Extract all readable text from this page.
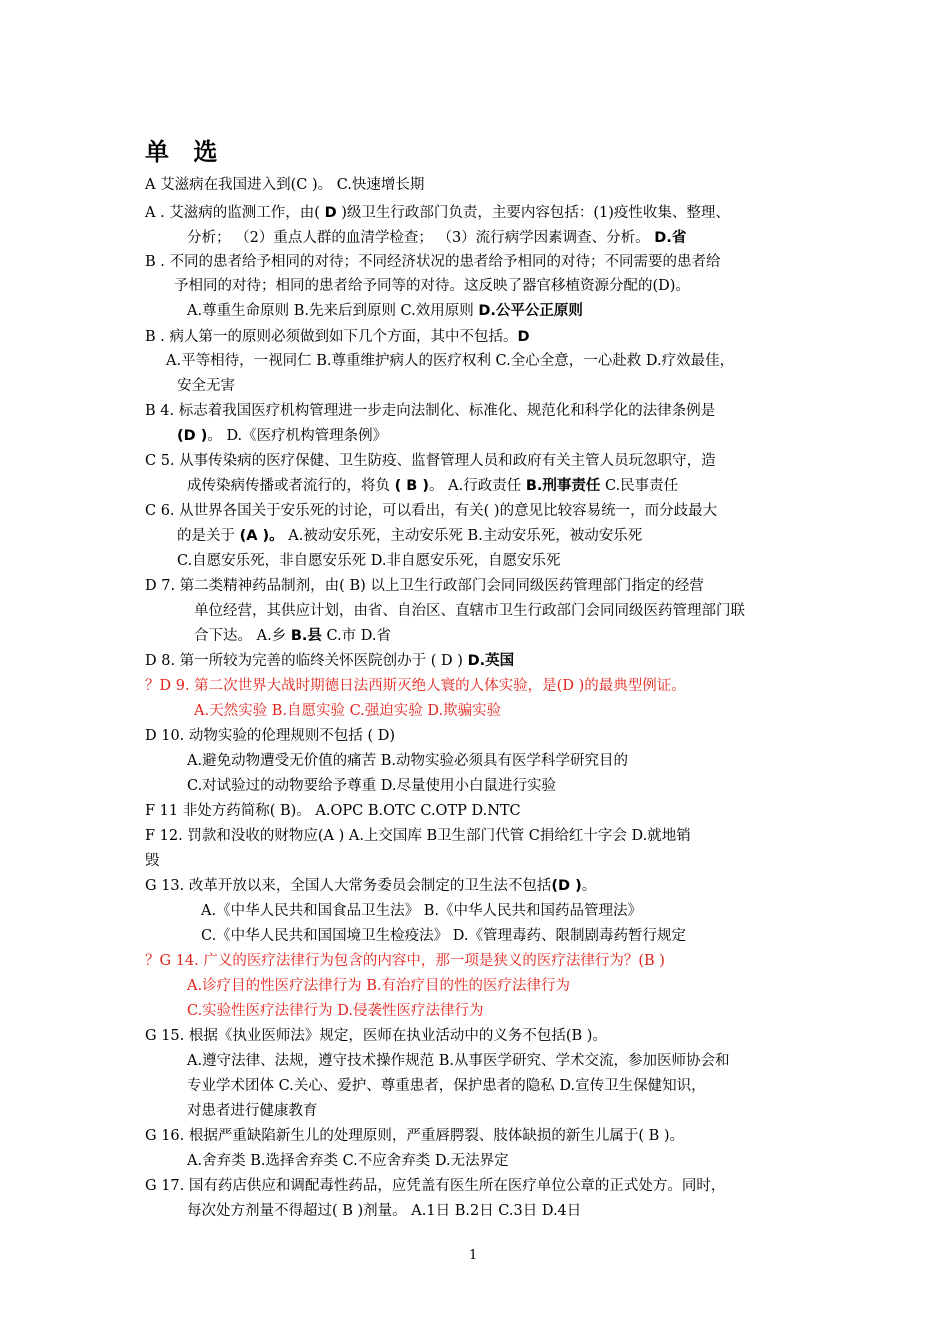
单 选
A 艾滋病在我国进入到(C )。 C.快速增长期
A . 艾滋病的监测工作，由( D )级卫生行政部门负责，主要内容包括：(1)疫性收集、整理、
分析； （2）重点人群的血清学检查； （3）流行病学因素调查、分析。 D.省
B . 不同的患者给予相同的对待；不同经济状况的患者给予相同的对待；不同需要的患者给
予相同的对待；相同的患者给予同等的对待。这反映了器官移植资源分配的(D)。
A.尊重生命原则 B.先来后到原则 C.效用原则 D.公平公正原则
B . 病人第一的原则必须做到如下几个方面，其中不包括。D
A.平等相待，一视同仁 B.尊重维护病人的医疗权利 C.全心全意，一心赴救 D.疗效最佳，
安全无害
B 4. 标志着我国医疗机构管理进一步走向法制化、标准化、规范化和科学化的法律条例是
(D )。 D.《医疗机构管理条例》
C 5. 从事传染病的医疗保健、卫生防疫、监督管理人员和政府有关主管人员玩忽职守，造
成传染病传播或者流行的，将负 ( B )。 A.行政责任 B.刑事责任 C.民事责任
C 6. 从世界各国关于安乐死的讨论，可以看出，有关( )的意见比较容易统一，而分歧最大
的是关于 (A )。 A.被动安乐死，主动安乐死 B.主动安乐死，被动安乐死
C.自愿安乐死，非自愿安乐死 D.非自愿安乐死，自愿安乐死
D 7. 第二类精神药品制剂，由( B) 以上卫生行政部门会同同级医药管理部门指定的经营
单位经营，其供应计划，由省、自治区、直辖市卫生行政部门会同同级医药管理部门联
合下达。 A.乡 B.县 C.市 D.省
D 8. 第一所较为完善的临终关怀医院创办于 ( D ) D.英国
？D 9. 第二次世界大战时期德日法西斯灭绝人寰的人体实验，是(D )的最典型例证。
A.天然实验 B.自愿实验 C.强迫实验 D.欺骗实验
D 10. 动物实验的伦理规则不包括 ( D)
A.避免动物遭受无价值的痛苦 B.动物实验必须具有医学科学研究目的
C.对试验过的动物要给予尊重 D.尽量使用小白鼠进行实验
F 11 非处方药简称( B)。 A.OPC B.OTC C.OTP D.NTC
F 12. 罚款和没收的财物应(A ) A.上交国库 B卫生部门代管 C捐给红十字会 D.就地销
毁
G 13. 改革开放以来，全国人大常务委员会制定的卫生法不包括(D )。
A.《中华人民共和国食品卫生法》 B.《中华人民共和国药品管理法》
C.《中华人民共和国国境卫生检疫法》 D.《管理毒药、限制剧毒药暂行规定
？G 14. 广义的医疗法律行为包含的内容中，那一项是狭义的医疗法律行为？(B )
A.诊疗目的性医疗法律行为 B.有治疗目的性的医疗法律行为
C.实验性医疗法律行为 D.侵袭性医疗法律行为
G 15. 根据《执业医师法》规定，医师在执业活动中的义务不包括(B )。
A.遵守法律、法规，遵守技术操作规范 B.从事医学研究、学术交流，参加医师协会和
专业学术团体 C.关心、爱护、尊重患者，保护患者的隐私 D.宣传卫生保健知识，
对患者进行健康教育
G 16. 根据严重缺陷新生儿的处理原则，严重唇腭裂、肢体缺损的新生儿属于( B )。
A.舍弃类 B.选择舍弃类 C.不应舍弃类 D.无法界定
G 17. 国有药店供应和调配毒性药品，应凭盖有医生所在医疗单位公章的正式处方。同时，
每次处方剂量不得超过( B )剂量。 A.1日 B.2日 C.3日 D.4日
1
